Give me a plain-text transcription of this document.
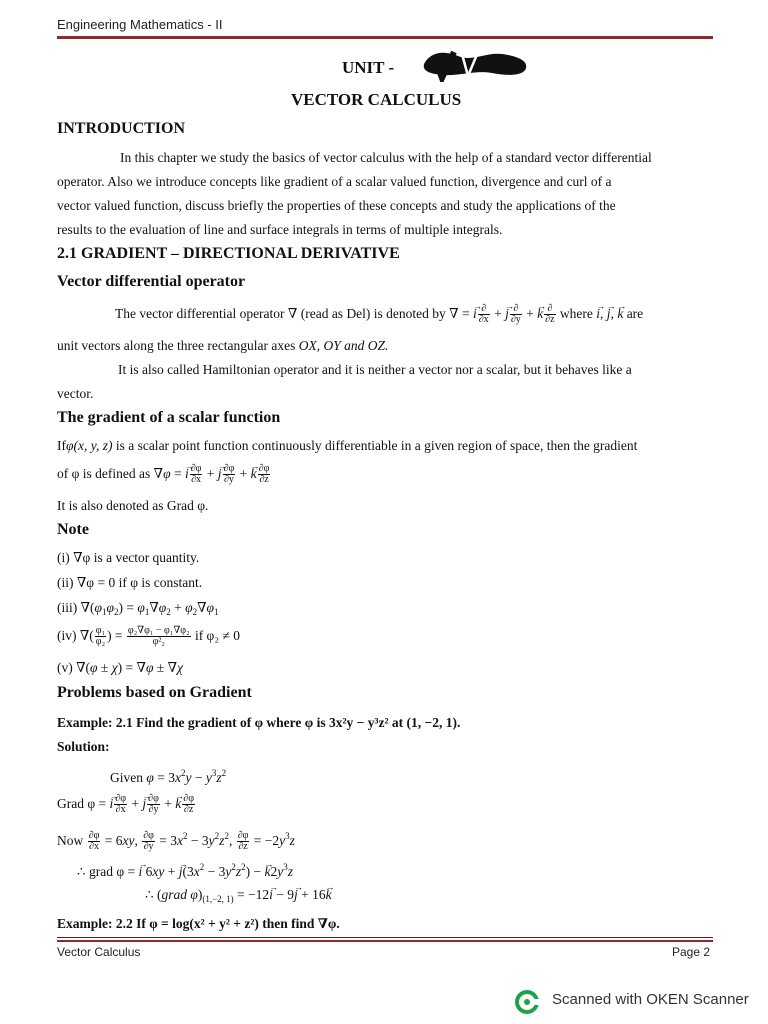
Engineering Mathematics - II
UNIT -
VECTOR CALCULUS
INTRODUCTION
In this chapter we study the basics of vector calculus with the help of a standard vector differential
operator. Also we introduce concepts like gradient of a scalar valued function, divergence and curl of a
vector valued function, discuss briefly the properties of these concepts and study the applications of the
results to the evaluation of line and surface integrals in terms of multiple integrals.
2.1 GRADIENT – DIRECTIONAL DERIVATIVE
Vector differential operator
The vector differential operator ∇ (read as Del) is denoted by ∇ = → i $\frac{\partial}{\partial x}$ + → j $\frac{\partial}{\partial y}$ + → k $\frac{\partial}{\partial z}$ where → i, → j, → k are
unit vectors along the three rectangular axes OX, OY and OZ.
It is also called Hamiltonian operator and it is neither a vector nor a scalar, but it behaves like a
vector.
The gradient of a scalar function
Ifφ(x, y, z) is a scalar point function continuously differentiable in a given region of space, then the gradient
of φ is defined as ∇φ = → i $\frac{\partial\varphi}{\partial x}$ + → j $\frac{\partial\varphi}{\partial y}$ + → k $\frac{\partial\varphi}{\partial z}$
It is also denoted as Grad φ.
Note
(i) ∇φ is a vector quantity.
(ii) ∇φ = 0 if φ is constant.
(iii) $\nabla(\varphi_1\varphi_2) = \varphi_1\nabla\varphi_2 + \varphi_2\nabla\varphi_1$
(iv) ∇( $\frac{\text{φ₁}}{\text{φ₂}}$ ) = $\frac{\text{φ₂∇φ₁ − φ₁∇φ₂}}{\text{φ²₂}}$ if φ₂ ≠ 0
(v) ∇(φ ± χ) = ∇φ ± ∇χ
Problems based on Gradient
Example: 2.1 Find the gradient of φ where φ is 3x²y − y³z² at (1, −2, 1).
Solution:
Given $\varphi = 3x^2y - y^3z^2$
Grad φ = → i $\frac{\partial\varphi}{\partial x}$ + → j $\frac{\partial\varphi}{\partial y}$ + → k $\frac{\partial\varphi}{\partial z}$
Now $\frac{\partial\varphi}{\partial x} = 6xy$, $\frac{\partial\varphi}{\partial y} = 3x^2 - 3y^2z^2$, $\frac{\partial\varphi}{\partial z} = -2y^3z$
∴ grad φ = → i 6xy + → $j(3x^2 - 3y^2z^2)$ − → $k2y^3z$
∴ (grad $\varphi)_{(1,-2, 1)} = -12\to i - 9\to j + 16\to k$
Example: 2.2 If φ = log(x² + y² + z²) then find ∇φ.
Vector Calculus	Page 2
Scanned with OKEN Scanner
